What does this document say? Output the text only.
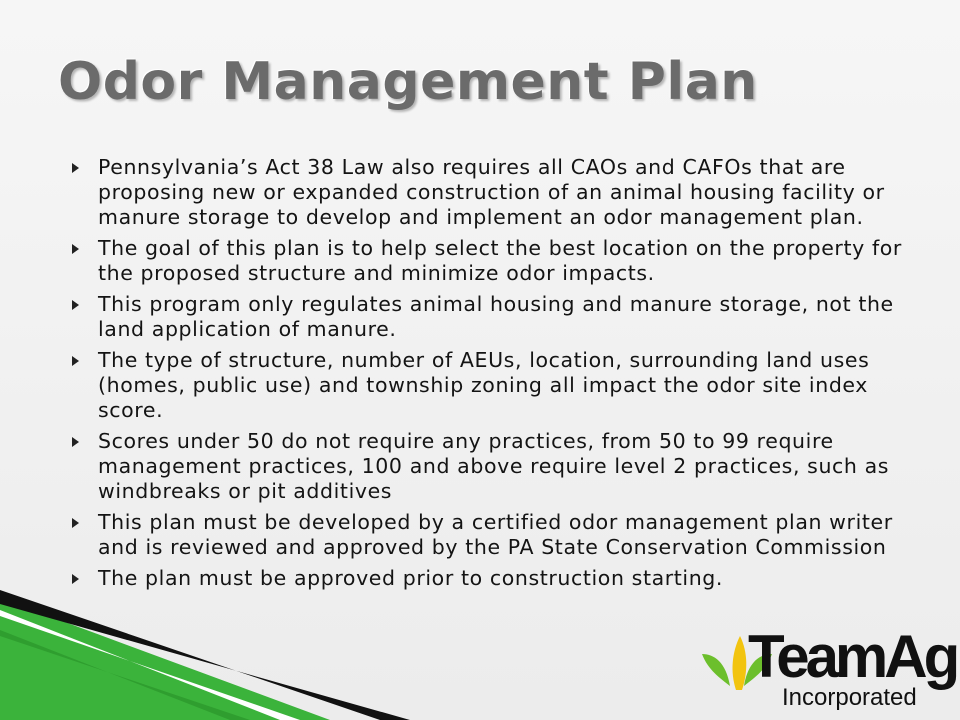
Odor Management Plan
Pennsylvania’s Act 38 Law also requires all CAOs and CAFOs that are proposing new or expanded construction of an animal housing facility or manure storage to develop and implement an odor management plan.
The goal of this plan is to help select the best location on the property for the proposed structure and minimize odor impacts.
This program only regulates animal housing and manure storage, not the land application of manure.
The type of structure, number of AEUs, location, surrounding land uses (homes, public use) and township zoning all impact the odor site index score.
Scores under 50 do not require any practices, from 50 to 99 require management practices, 100 and above require level 2 practices, such as windbreaks or pit additives
This plan must be developed by a certified odor management plan writer and is reviewed and approved by the PA State Conservation Commission
The plan must be approved prior to construction starting.
TeamAg
Incorporated
